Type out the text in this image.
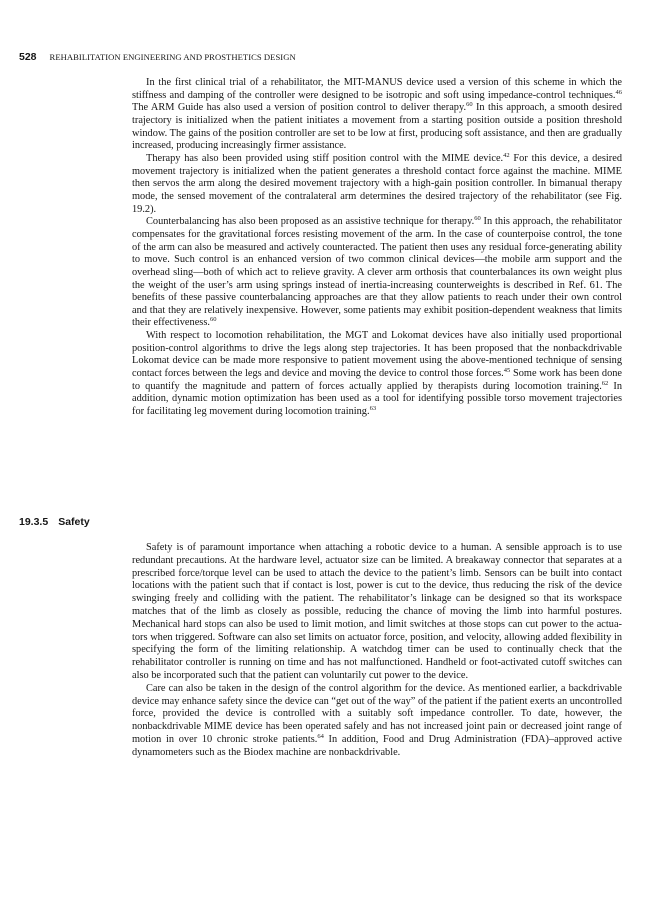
528 REHABILITATION ENGINEERING AND PROSTHETICS DESIGN

In the first clinical trial of a rehabilitator, the MIT-MANUS device used a version of this scheme in which the stiffness and damping of the controller were designed to be isotropic and soft using impedance-control techniques.$^{46}$ The ARM Guide has also used a version of position control to deliver therapy.$^{60}$ In this approach, a smooth desired trajectory is initialized when the patient initiates a movement from a starting position outside a position threshold window. The gains of the position controller are set to be low at first, producing soft assistance, and then are gradually increased, producing increasingly firmer assistance.

Therapy has also been provided using stiff position control with the MIME device.$^{42}$ For this device, a desired movement trajectory is initialized when the patient generates a threshold contact force against the machine. MIME then servos the arm along the desired movement trajectory with a high-gain position controller. In bimanual therapy mode, the sensed movement of the contralateral arm determines the desired trajectory of the rehabilitator (see Fig. 19.2).

Counterbalancing has also been proposed as an assistive technique for therapy.$^{60}$ In this approach, the rehabilitator compensates for the gravitational forces resisting movement of the arm. In the case of counterpoise control, the tone of the arm can also be measured and actively counteracted. The patient then uses any residual force-generating ability to move. Such control is an enhanced version of two common clinical devices—the mobile arm support and the overhead sling—both of which act to relieve gravity. A clever arm orthosis that counterbalances its own weight plus the weight of the user’s arm using springs instead of inertia-increasing counterweights is described in Ref. 61. The benefits of these passive counterbalancing approaches are that they allow patients to reach under their own control and that they are relatively inexpensive. However, some patients may exhibit position-dependent weakness that limits their effectiveness.$^{60}$

With respect to locomotion rehabilitation, the MGT and Lokomat devices have also initially used proportional position-control algorithms to drive the legs along step trajectories. It has been proposed that the nonbackdrivable Lokomat device can be made more responsive to patient movement using the above-mentioned technique of sensing contact forces between the legs and device and moving the device to control those forces.$^{45}$ Some work has been done to quantify the magnitude and pattern of forces actually applied by therapists during locomotion training.$^{62}$ In addition, dynamic motion optimization has been used as a tool for identifying possible torso movement trajectories for facilitating leg movement during locomotion training.$^{63}$

19.3.5 Safety

Safety is of paramount importance when attaching a robotic device to a human. A sensible approach is to use redundant precautions. At the hardware level, actuator size can be limited. A breakaway connector that separates at a prescribed force/torque level can be used to attach the device to the patient’s limb. Sensors can be built into contact locations with the patient such that if contact is lost, power is cut to the device, thus reducing the risk of the device swinging freely and colliding with the patient. The rehabilitator’s linkage can be designed so that its workspace matches that of the limb as closely as possible, reducing the chance of moving the limb into harmful postures. Mechanical hard stops can also be used to limit motion, and limit switches at those stops can cut power to the actuators when triggered. Software can also set limits on actuator force, position, and velocity, allowing added flexibility in specifying the form of the limiting relationship. A watchdog timer can be used to continually check that the rehabilitator controller is running on time and has not malfunctioned. Handheld or foot-activated cutoff switches can also be incorporated such that the patient can voluntarily cut power to the device.

Care can also be taken in the design of the control algorithm for the device. As mentioned earlier, a backdrivable device may enhance safety since the device can “get out of the way” of the patient if the patient exerts an uncontrolled force, provided the device is controlled with a suitably soft impedance controller. To date, however, the nonbackdrivable MIME device has been operated safely and has not increased joint pain or decreased joint range of motion in over 10 chronic stroke patients.$^{64}$ In addition, Food and Drug Administration (FDA)–approved active dynamometers such as the Biodex machine are nonbackdrivable.
